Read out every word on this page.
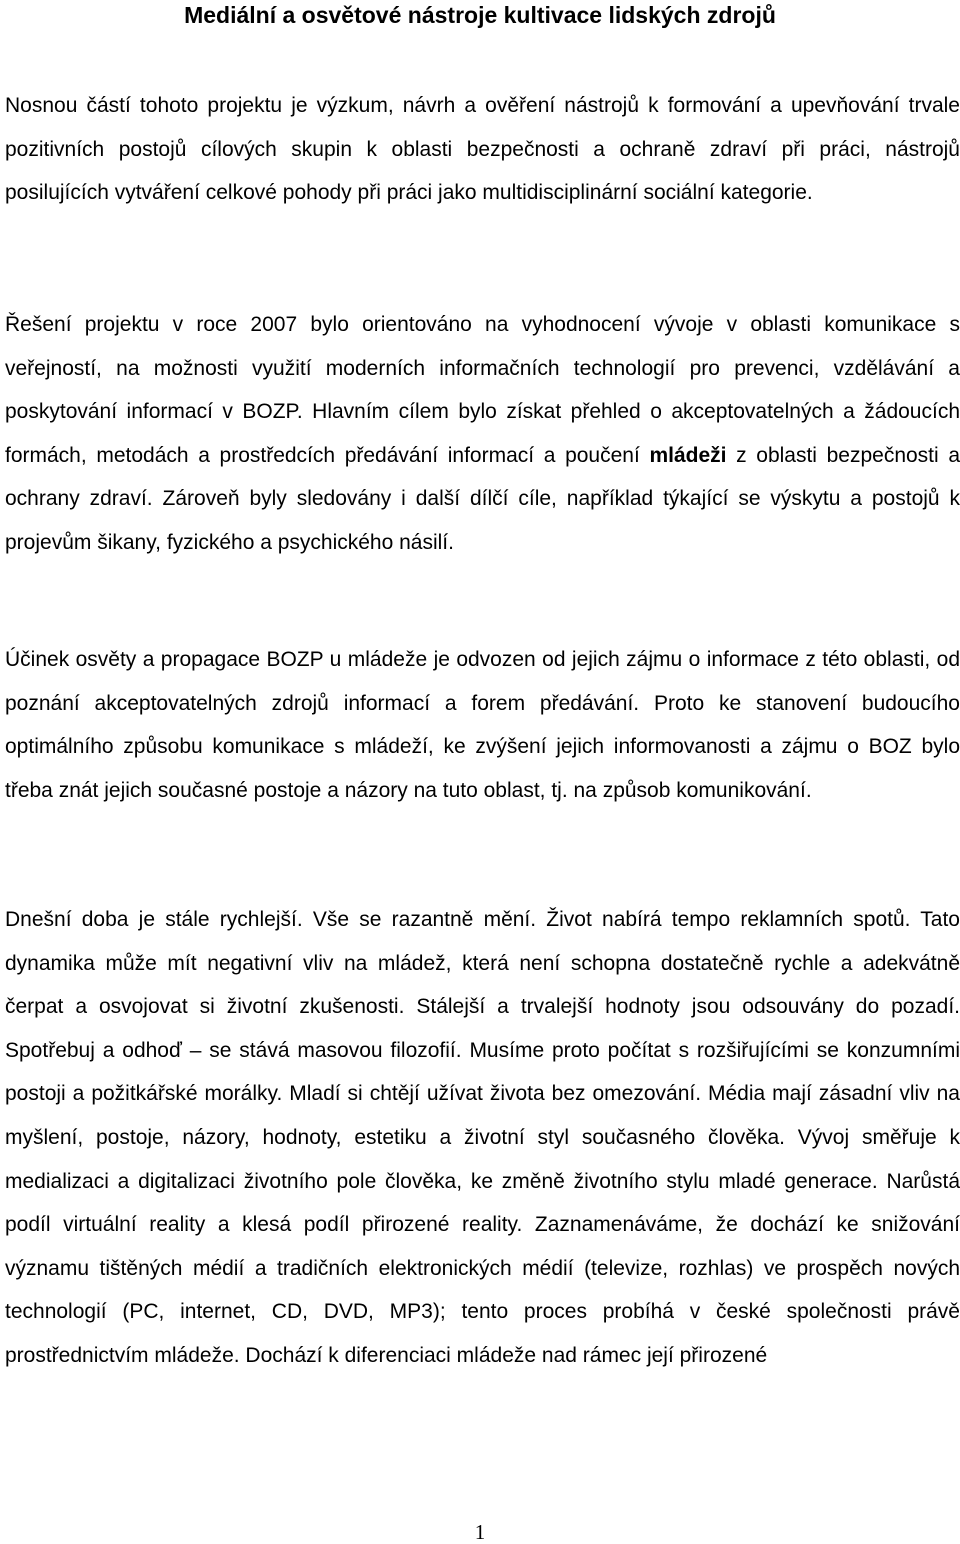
Mediální a osvětové nástroje kultivace lidských zdrojů

Nosnou částí tohoto projektu je výzkum, návrh a ověření nástrojů k formování a upevňování trvale pozitivních postojů cílových skupin k oblasti bezpečnosti a ochraně zdraví při práci, nástrojů posilujících vytváření celkové pohody při práci jako multidisciplinární sociální kategorie.

Řešení projektu v roce 2007 bylo orientováno na vyhodnocení vývoje v oblasti komunikace s veřejností, na možnosti využití moderních informačních technologií pro prevenci, vzdělávání a poskytování informací v BOZP. Hlavním cílem bylo získat přehled o akceptovatelných a žádoucích formách, metodách a prostředcích předávání informací a poučení mládeži z oblasti bezpečnosti a ochrany zdraví. Zároveň byly sledovány i další dílčí cíle, například týkající se výskytu a postojů k projevům šikany, fyzického a psychického násilí.

Účinek osvěty a propagace BOZP u mládeže je odvozen od jejich zájmu o informace z této oblasti, od poznání akceptovatelných zdrojů informací a forem předávání. Proto ke stanovení budoucího optimálního způsobu komunikace s mládeží, ke zvýšení jejich informovanosti a zájmu o BOZ bylo třeba znát jejich současné postoje a názory na tuto oblast, tj. na způsob komunikování.

Dnešní doba je stále rychlejší. Vše se razantně mění. Život nabírá tempo reklamních spotů. Tato dynamika může mít negativní vliv na mládež, která není schopna dostatečně rychle a adekvátně čerpat a osvojovat si životní zkušenosti. Stálejší a trvalejší hodnoty jsou odsouvány do pozadí. Spotřebuj a odhoď – se stává masovou filozofií. Musíme proto počítat s rozšiřujícími se konzumními postoji a požitkářské morálky. Mladí si chtějí užívat života bez omezování. Média mají zásadní vliv na myšlení, postoje, názory, hodnoty, estetiku a životní styl současného člověka. Vývoj směřuje k medializaci a digitalizaci životního pole člověka, ke změně životního stylu mladé generace. Narůstá podíl virtuální reality a klesá podíl přirozené reality. Zaznamenáváme, že dochází ke snižování významu tištěných médií a tradičních elektronických médií (televize, rozhlas) ve prospěch nových technologií (PC, internet, CD, DVD, MP3); tento proces probíhá v české společnosti právě prostřednictvím mládeže. Dochází k diferenciaci mládeže nad rámec její přirozené

1
